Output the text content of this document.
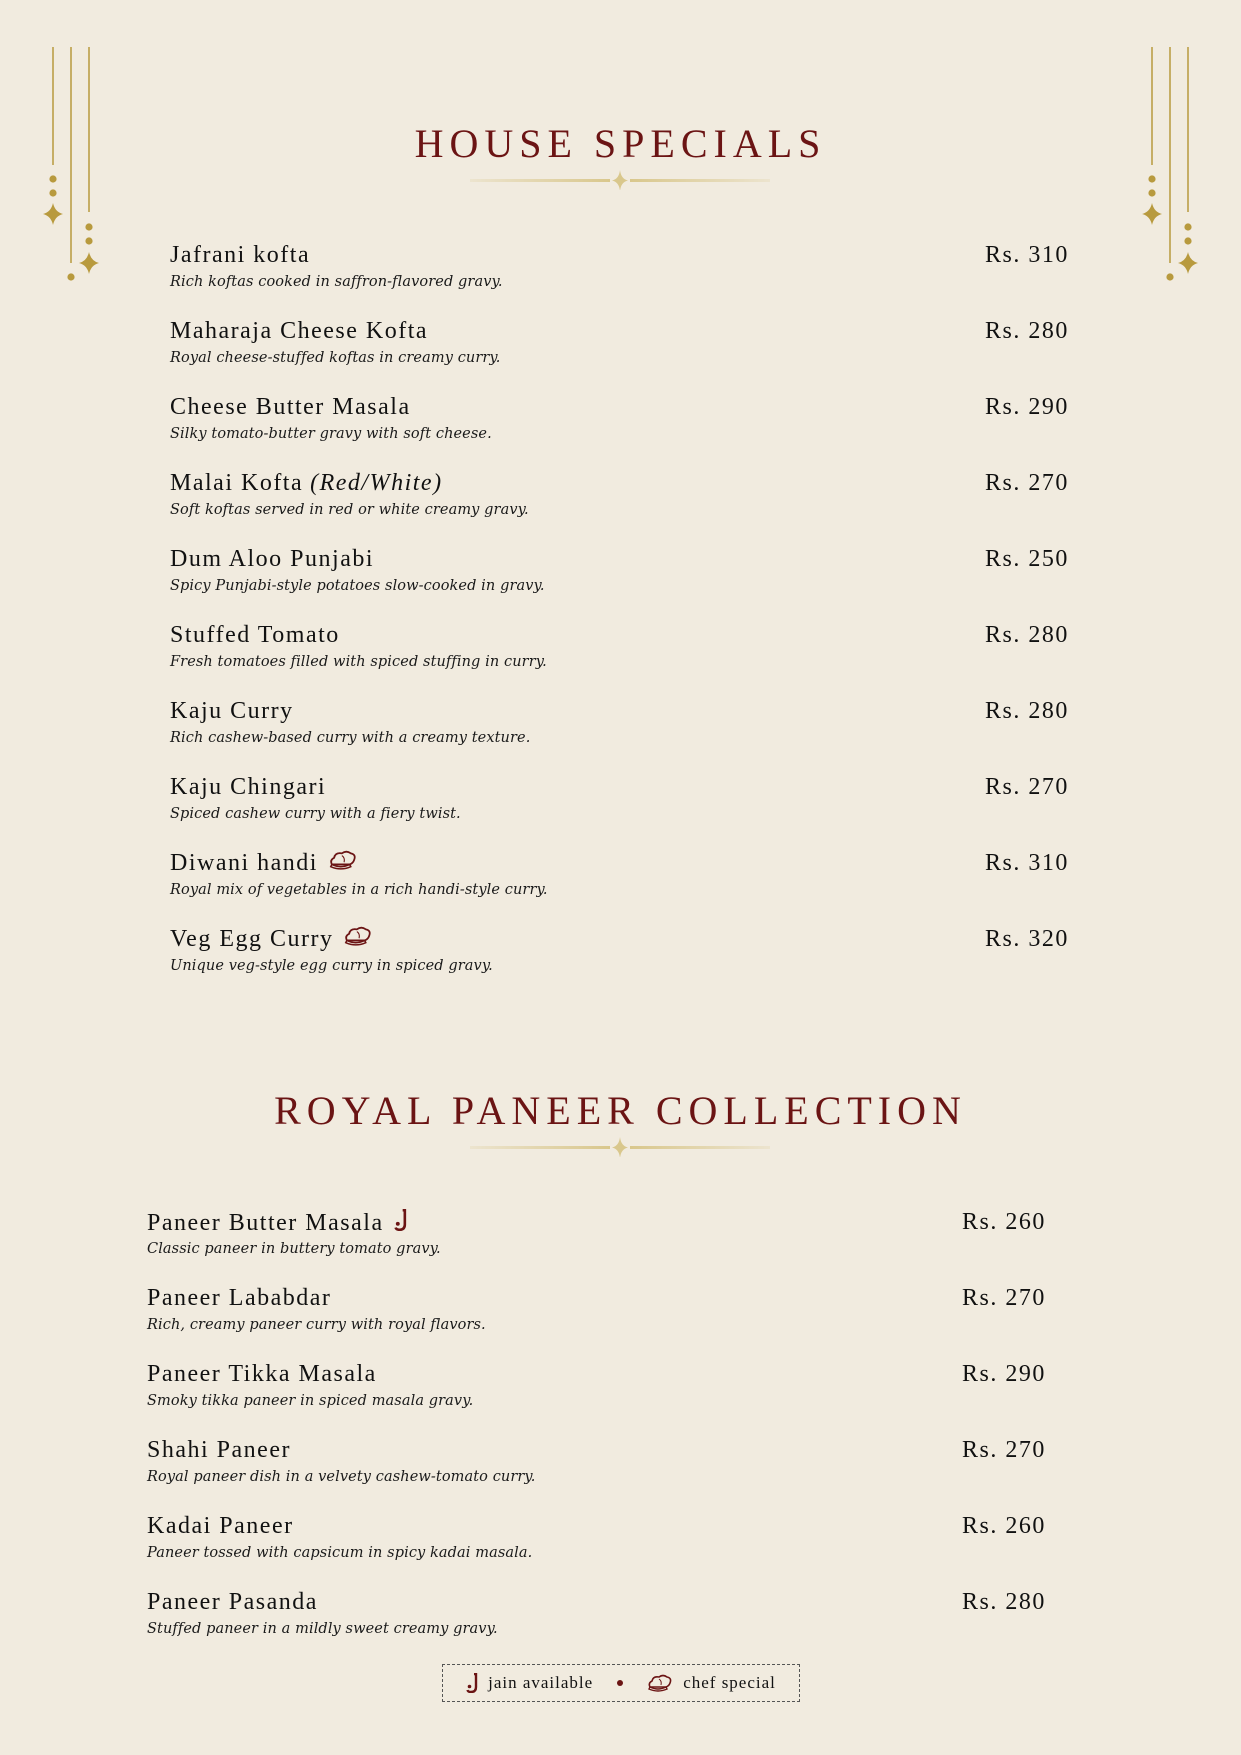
HOUSE SPECIALS
Jafrani kofta
Rich koftas cooked in saffron-flavored gravy.
Rs. 310
Maharaja Cheese Kofta
Royal cheese-stuffed koftas in creamy curry.
Rs. 280
Cheese Butter Masala
Silky tomato-butter gravy with soft cheese.
Rs. 290
Malai Kofta (Red/White)
Soft koftas served in red or white creamy gravy.
Rs. 270
Dum Aloo Punjabi
Spicy Punjabi-style potatoes slow-cooked in gravy.
Rs. 250
Stuffed Tomato
Fresh tomatoes filled with spiced stuffing in curry.
Rs. 280
Kaju Curry
Rich cashew-based curry with a creamy texture.
Rs. 280
Kaju Chingari
Spiced cashew curry with a fiery twist.
Rs. 270
Diwani handi
Royal mix of vegetables in a rich handi-style curry.
Rs. 310
Veg Egg Curry
Unique veg-style egg curry in spiced gravy.
Rs. 320
ROYAL PANEER COLLECTION
Paneer Butter Masala
Classic paneer in buttery tomato gravy.
Rs. 260
Paneer Lababdar
Rich, creamy paneer curry with royal flavors.
Rs. 270
Paneer Tikka Masala
Smoky tikka paneer in spiced masala gravy.
Rs. 290
Shahi Paneer
Royal paneer dish in a velvety cashew-tomato curry.
Rs. 270
Kadai Paneer
Paneer tossed with capsicum in spicy kadai masala.
Rs. 260
Paneer Pasanda
Stuffed paneer in a mildly sweet creamy gravy.
Rs. 280
jain available	chef special
